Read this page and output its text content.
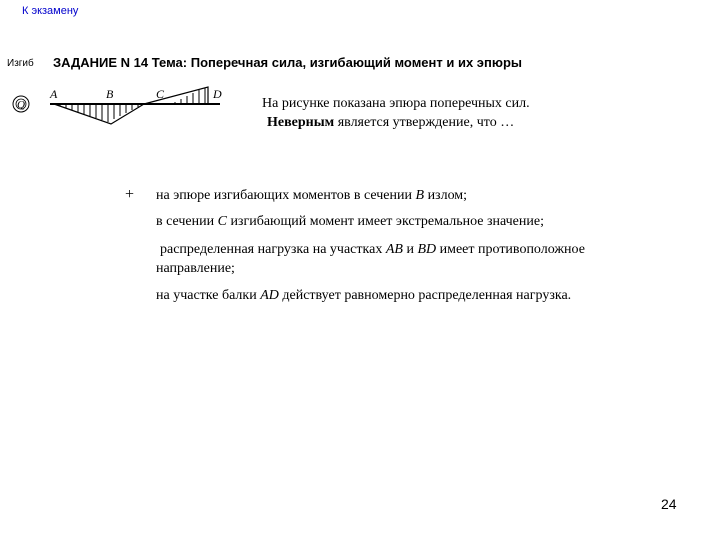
К экзамену
Изгиб ЗАДАНИЕ N 14 Тема: Поперечная сила, изгибающий момент и их эпюры
Q
A	B	C	D
На рисунке показана эпюра поперечных сил.
Неверным является утверждение, что …
+ на эпюре изгибающих моментов в сечении B излом;
в сечении C изгибающий момент имеет экстремальное значение;
распределенная нагрузка на участках AB и BD имеет противоположное
направление;
на участке балки AD действует равномерно распределенная нагрузка.
24
